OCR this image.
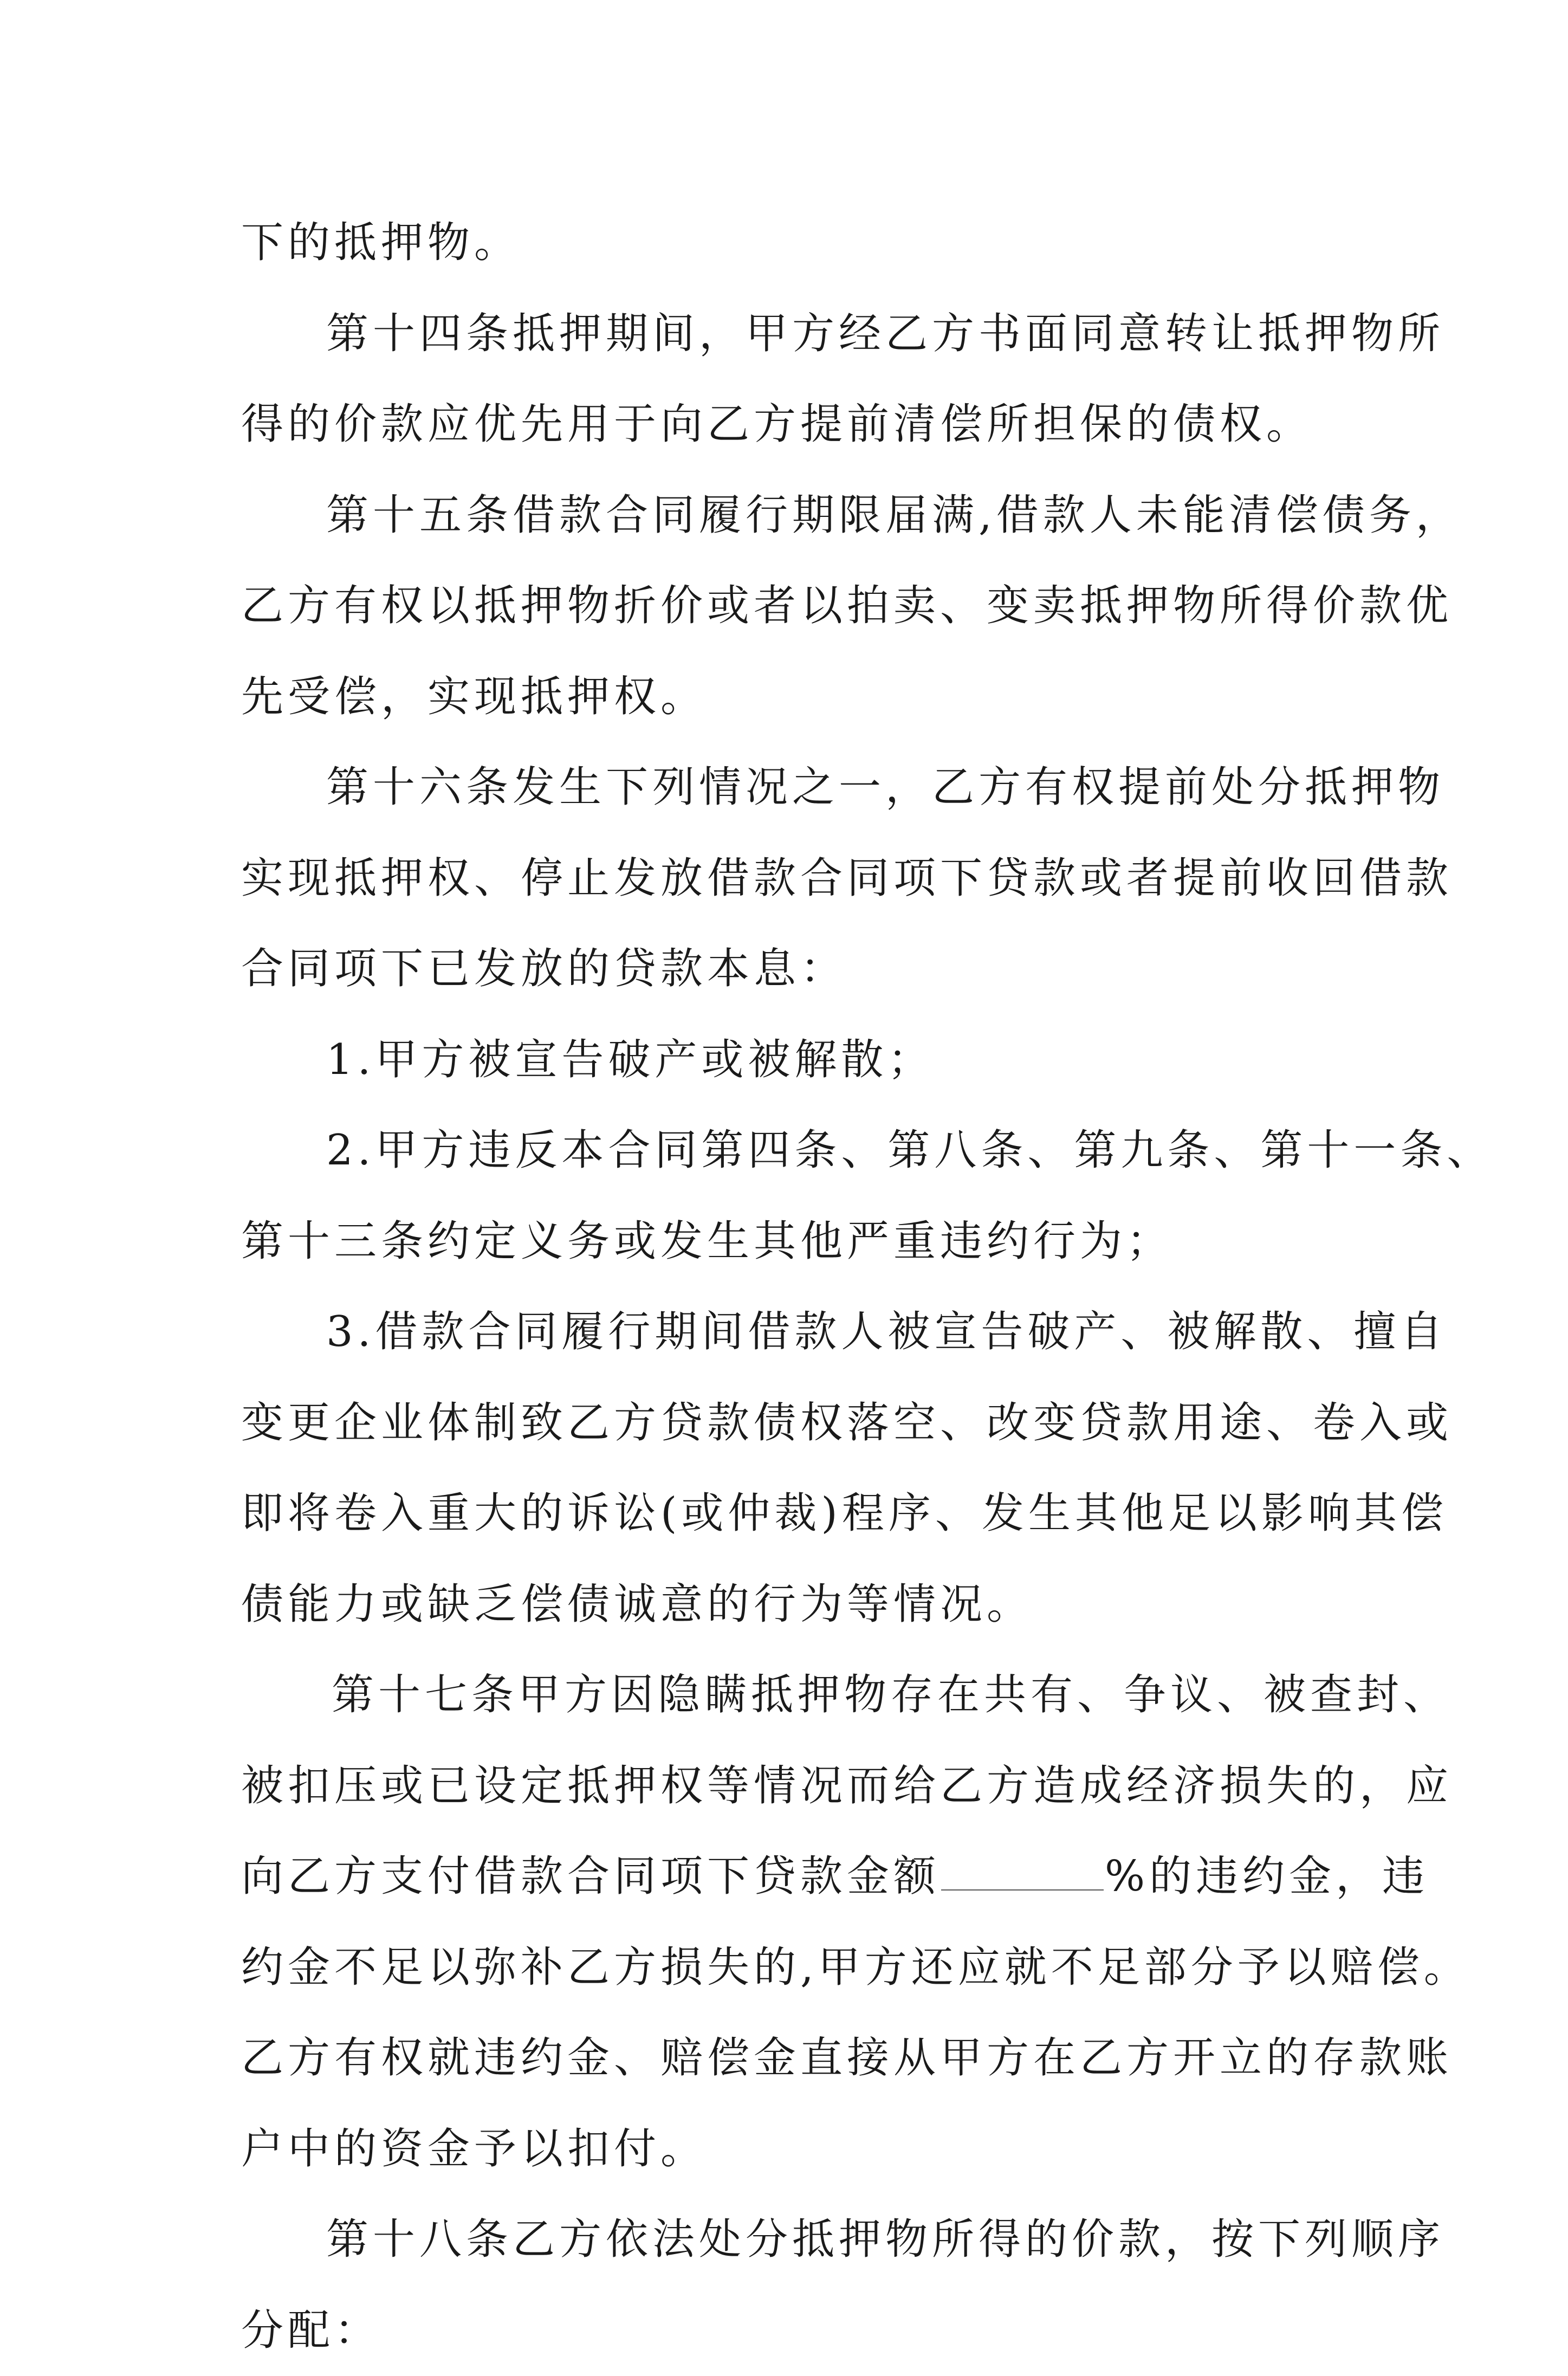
下的抵押物。
第十四条抵押期间，甲方经乙方书面同意转让抵押物所
得的价款应优先用于向乙方提前清偿所担保的债权。
第十五条借款合同履行期限届满,借款人未能清偿债务，
乙方有权以抵押物折价或者以拍卖、变卖抵押物所得价款优
先受偿，实现抵押权。
第十六条发生下列情况之一，乙方有权提前处分抵押物
实现抵押权、停止发放借款合同项下贷款或者提前收回借款
合同项下已发放的贷款本息：
1.甲方被宣告破产或被解散；
2.甲方违反本合同第四条、第八条、第九条、第十一条、
第十三条约定义务或发生其他严重违约行为；
3.借款合同履行期间借款人被宣告破产、被解散、擅自
变更企业体制致乙方贷款债权落空、改变贷款用途、卷入或
即将卷入重大的诉讼(或仲裁)程序、发生其他足以影响其偿
债能力或缺乏偿债诚意的行为等情况。
第十七条甲方因隐瞒抵押物存在共有、争议、被查封、
被扣压或已设定抵押权等情况而给乙方造成经济损失的，应
向乙方支付借款合同项下贷款金额	%的违约金，违
约金不足以弥补乙方损失的,甲方还应就不足部分予以赔偿。
乙方有权就违约金、赔偿金直接从甲方在乙方开立的存款账
户中的资金予以扣付。
第十八条乙方依法处分抵押物所得的价款，按下列顺序
分配：
